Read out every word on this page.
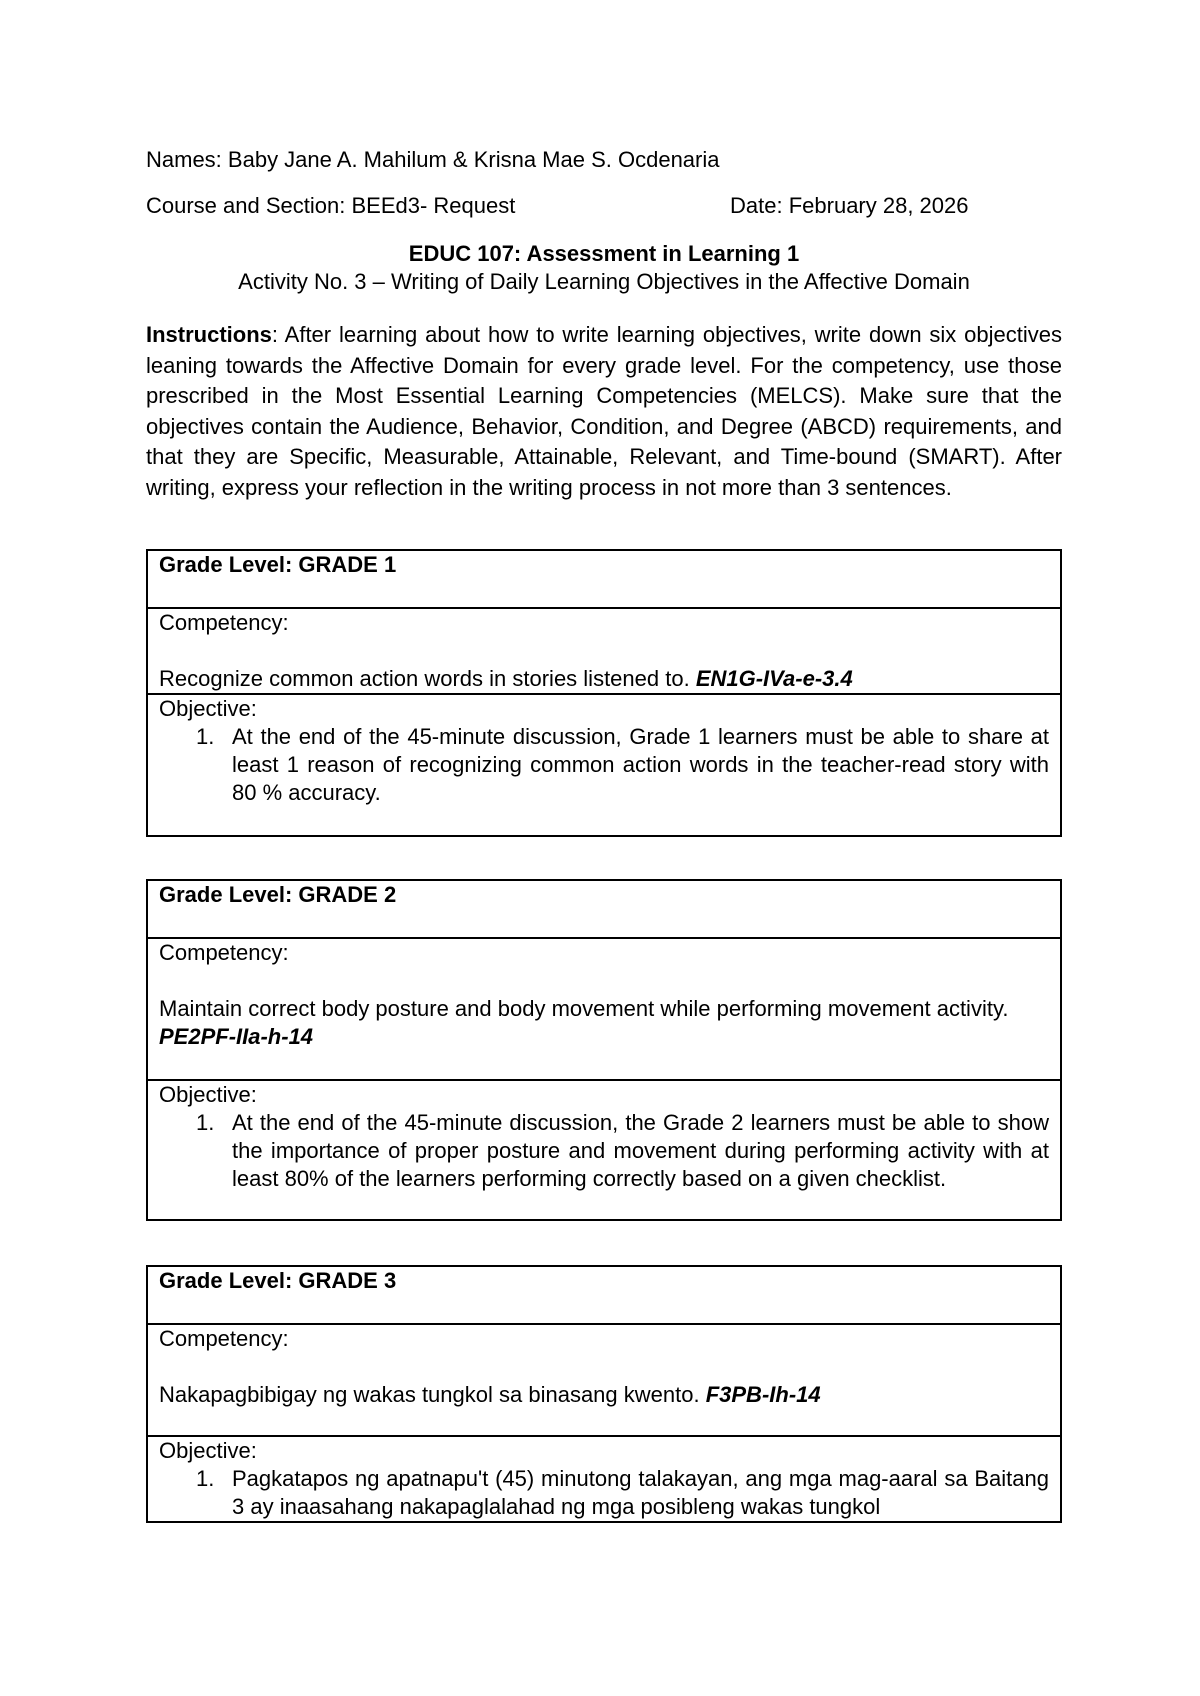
Names: Baby Jane A. Mahilum & Krisna Mae S. Ocdenaria
Course and Section: BEEd3- Request	Date: February 28, 2026
EDUC 107: Assessment in Learning 1
Activity No. 3 – Writing of Daily Learning Objectives in the Affective Domain
Instructions: After learning about how to write learning objectives, write down six objectives leaning towards the Affective Domain for every grade level. For the competency, use those prescribed in the Most Essential Learning Competencies (MELCS). Make sure that the objectives contain the Audience, Behavior, Condition, and Degree (ABCD) requirements, and that they are Specific, Measurable, Attainable, Relevant, and Time-bound (SMART). After writing, express your reflection in the writing process in not more than 3 sentences.
Grade Level: GRADE 1

Competency:
Recognize common action words in stories listened to. EN1G-IVa-e-3.4

Objective:
1. At the end of the 45-minute discussion, Grade 1 learners must be able to share at least 1 reason of recognizing common action words in the teacher-read story with 80 % accuracy.
Grade Level: GRADE 2

Competency:
Maintain correct body posture and body movement while performing movement activity. PE2PF-IIa-h-14

Objective:
1. At the end of the 45-minute discussion, the Grade 2 learners must be able to show the importance of proper posture and movement during performing activity with at least 80% of the learners performing correctly based on a given checklist.
Grade Level: GRADE 3

Competency:
Nakapagbibigay ng wakas tungkol sa binasang kwento. F3PB-Ih-14

Objective:
1. Pagkatapos ng apatnapu't (45) minutong talakayan, ang mga mag-aaral sa Baitang 3 ay inaasahang nakapaglalahad ng mga posibleng wakas tungkol
